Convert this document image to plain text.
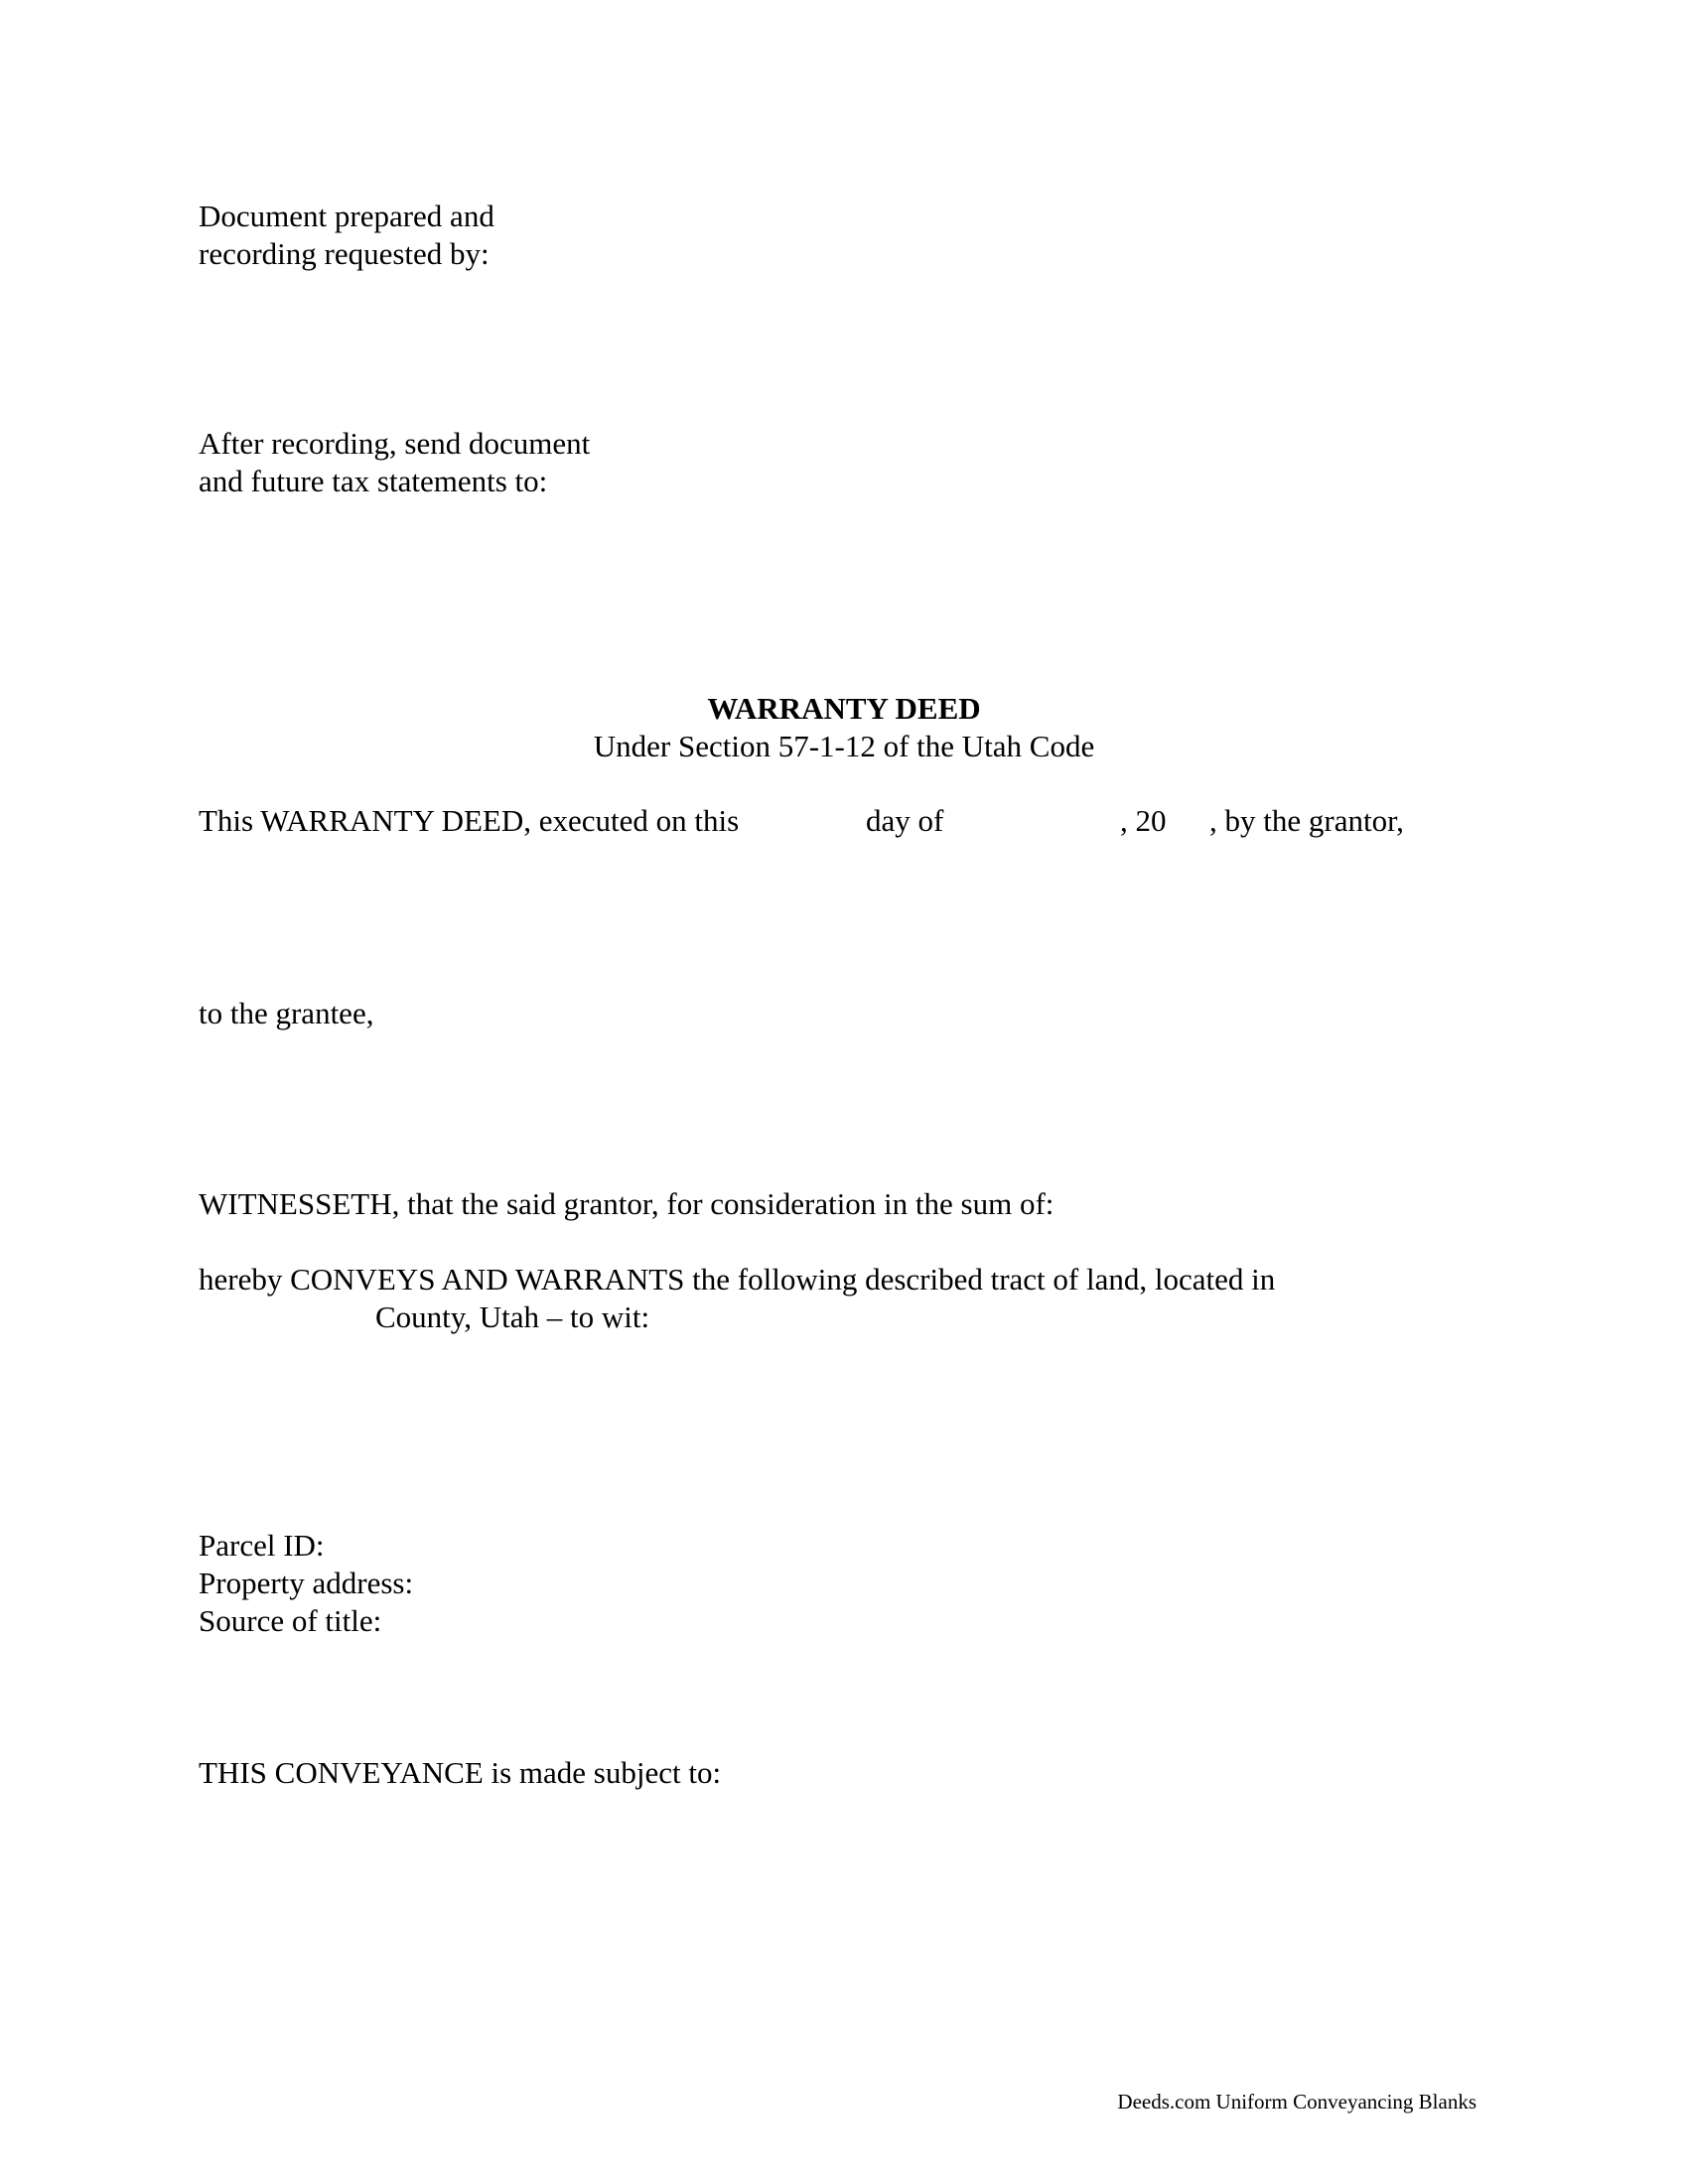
Document prepared and
recording requested by:
After recording, send document
and future tax statements to:
WARRANTY DEED
Under Section 57-1-12 of the Utah Code
This WARRANTY DEED, executed on this	day of	, 20 , by the grantor,
to the grantee,
WITNESSETH, that the said grantor, for consideration in the sum of:
hereby CONVEYS AND WARRANTS the following described tract of land, located in
County, Utah – to wit:
Parcel ID:
Property address:
Source of title:
THIS CONVEYANCE is made subject to:
Deeds.com Uniform Conveyancing Blanks
